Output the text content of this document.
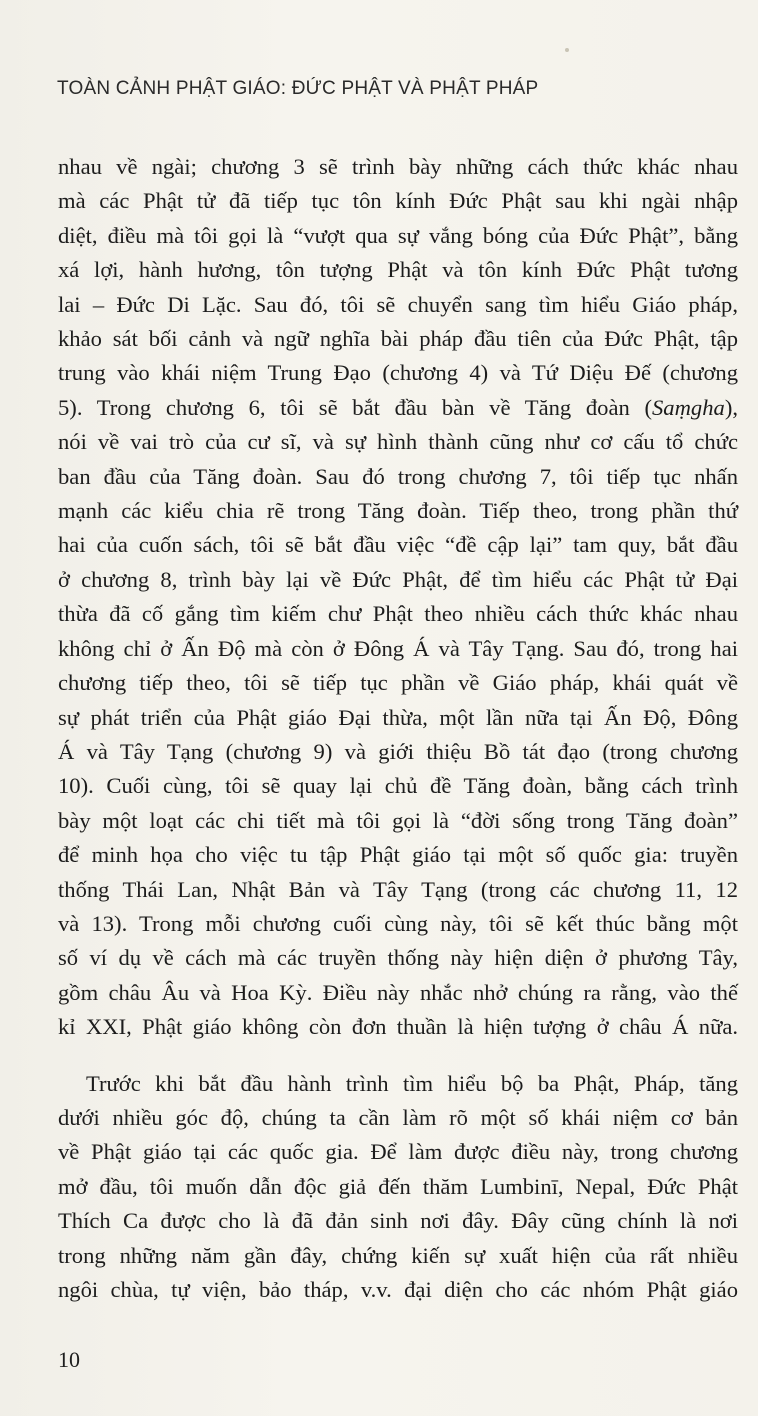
TOÀN CẢNH PHẬT GIÁO: ĐỨC PHẬT VÀ PHẬT PHÁP
nhau về ngài; chương 3 sẽ trình bày những cách thức khác nhau
mà các Phật tử đã tiếp tục tôn kính Đức Phật sau khi ngài nhập
diệt, điều mà tôi gọi là “vượt qua sự vắng bóng của Đức Phật”, bằng
xá lợi, hành hương, tôn tượng Phật và tôn kính Đức Phật tương
lai – Đức Di Lặc. Sau đó, tôi sẽ chuyển sang tìm hiểu Giáo pháp,
khảo sát bối cảnh và ngữ nghĩa bài pháp đầu tiên của Đức Phật, tập
trung vào khái niệm Trung Đạo (chương 4) và Tứ Diệu Đế (chương
5). Trong chương 6, tôi sẽ bắt đầu bàn về Tăng đoàn (Saṃgha),
nói về vai trò của cư sĩ, và sự hình thành cũng như cơ cấu tổ chức
ban đầu của Tăng đoàn. Sau đó trong chương 7, tôi tiếp tục nhấn
mạnh các kiểu chia rẽ trong Tăng đoàn. Tiếp theo, trong phần thứ
hai của cuốn sách, tôi sẽ bắt đầu việc “đề cập lại” tam quy, bắt đầu
ở chương 8, trình bày lại về Đức Phật, để tìm hiểu các Phật tử Đại
thừa đã cố gắng tìm kiếm chư Phật theo nhiều cách thức khác nhau
không chỉ ở Ấn Độ mà còn ở Đông Á và Tây Tạng. Sau đó, trong hai
chương tiếp theo, tôi sẽ tiếp tục phần về Giáo pháp, khái quát về
sự phát triển của Phật giáo Đại thừa, một lần nữa tại Ấn Độ, Đông
Á và Tây Tạng (chương 9) và giới thiệu Bồ tát đạo (trong chương
10). Cuối cùng, tôi sẽ quay lại chủ đề Tăng đoàn, bằng cách trình
bày một loạt các chi tiết mà tôi gọi là “đời sống trong Tăng đoàn”
để minh họa cho việc tu tập Phật giáo tại một số quốc gia: truyền
thống Thái Lan, Nhật Bản và Tây Tạng (trong các chương 11, 12
và 13). Trong mỗi chương cuối cùng này, tôi sẽ kết thúc bằng một
số ví dụ về cách mà các truyền thống này hiện diện ở phương Tây,
gồm châu Âu và Hoa Kỳ. Điều này nhắc nhở chúng ra rằng, vào thế
kỉ XXI, Phật giáo không còn đơn thuần là hiện tượng ở châu Á nữa.
Trước khi bắt đầu hành trình tìm hiểu bộ ba Phật, Pháp, tăng
dưới nhiều góc độ, chúng ta cần làm rõ một số khái niệm cơ bản
về Phật giáo tại các quốc gia. Để làm được điều này, trong chương
mở đầu, tôi muốn dẫn độc giả đến thăm Lumbinī, Nepal, Đức Phật
Thích Ca được cho là đã đản sinh nơi đây. Đây cũng chính là nơi
trong những năm gần đây, chứng kiến sự xuất hiện của rất nhiều
ngôi chùa, tự viện, bảo tháp, v.v. đại diện cho các nhóm Phật giáo
10
